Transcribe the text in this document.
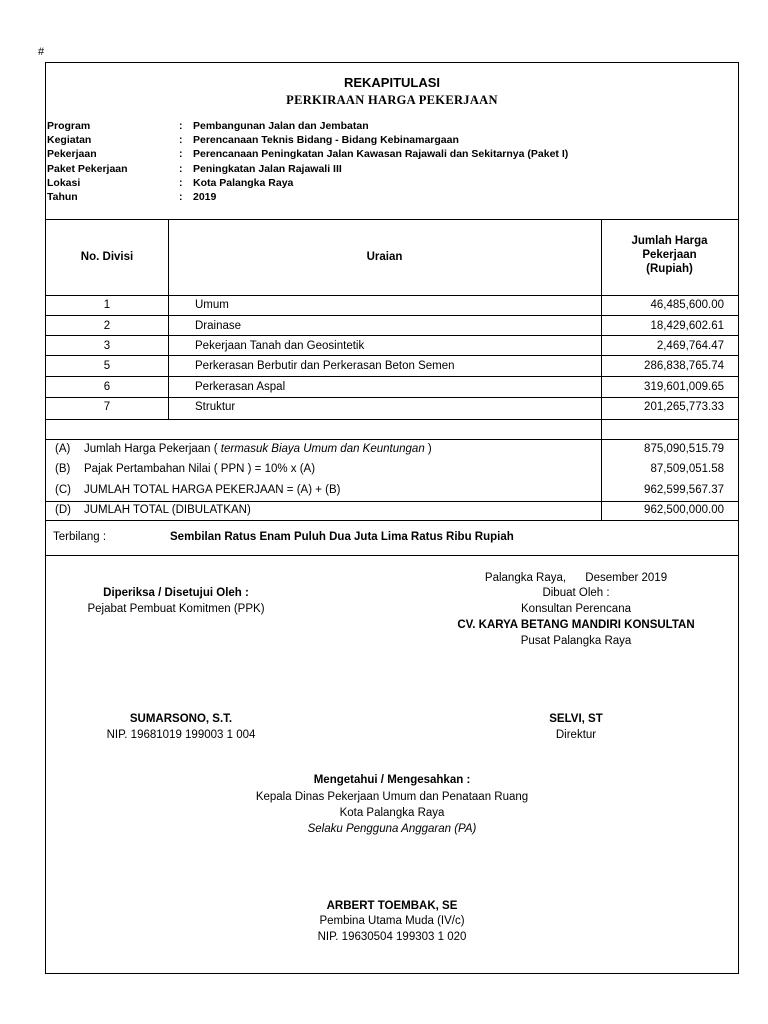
#
REKAPITULASI
PERKIRAAN HARGA PEKERJAAN
Program	: Pembangunan Jalan dan Jembatan
Kegiatan	: Perencanaan Teknis Bidang - Bidang Kebinamargaan
Pekerjaan	: Perencanaan Peningkatan Jalan Kawasan Rajawali dan Sekitarnya (Paket I)
Paket Pekerjaan	: Peningkatan Jalan Rajawali III
Lokasi	: Kota Palangka Raya
Tahun	: 2019
No. Divisi	Uraian
Jumlah Harga
Pekerjaan
(Rupiah)
1	Umum	46,485,600.00
2	Drainase	18,429,602.61
3	Pekerjaan Tanah dan Geosintetik	2,469,764.47
5	Perkerasan Berbutir dan Perkerasan Beton Semen	286,838,765.74
6	Perkerasan Aspal	319,601,009.65
7	Struktur	201,265,773.33
(A) Jumlah Harga Pekerjaan ( termasuk Biaya Umum dan Keuntungan )	875,090,515.79
(B) Pajak Pertambahan Nilai ( PPN ) = 10% x (A)	87,509,051.58
(C) JUMLAH TOTAL HARGA PEKERJAAN = (A) + (B)	962,599,567.37
(D) JUMLAH TOTAL (DIBULATKAN)	962,500,000.00
Terbilang :	Sembilan Ratus Enam Puluh Dua Juta Lima Ratus Ribu Rupiah
Diperiksa / Disetujui Oleh :
Pejabat Pembuat Komitmen (PPK)
SUMARSONO, S.T.
NIP. 19681019 199003 1 004
Palangka Raya,      Desember 2019
Dibuat Oleh :
Konsultan Perencana
CV. KARYA BETANG MANDIRI KONSULTAN
Pusat Palangka Raya
SELVI, ST
Direktur
Mengetahui / Mengesahkan :
Kepala Dinas Pekerjaan Umum dan Penataan Ruang
Kota Palangka Raya
Selaku Pengguna Anggaran (PA)
ARBERT TOEMBAK, SE
Pembina Utama Muda (IV/c)
NIP. 19630504 199303 1 020
